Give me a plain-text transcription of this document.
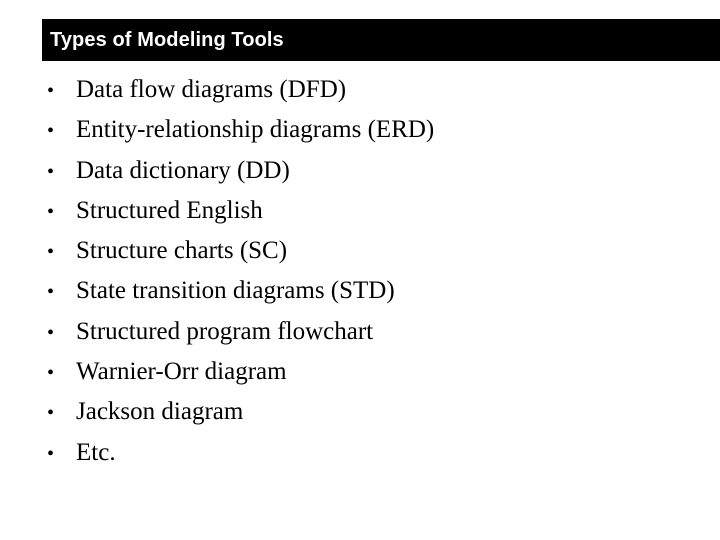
Types of Modeling Tools
• Data flow diagrams (DFD)
• Entity-relationship diagrams (ERD)
• Data dictionary (DD)
• Structured English
• Structure charts (SC)
• State transition diagrams (STD)
• Structured program flowchart
• Warnier-Orr diagram
• Jackson diagram
• Etc.
